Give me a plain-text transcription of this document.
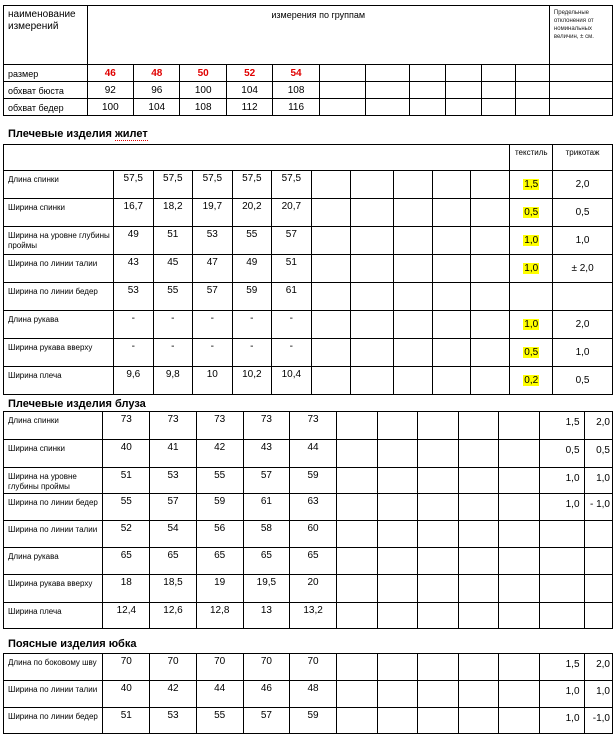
наименование измерений	измерения по группам											Предельные отклонения от номинальных величин, ± см.
размер	46	48	50	52	54							
обхват бюста	92	96	100	104	108							
обхват бедер	100	104	108	112	116							
Плечевые изделия жилет
											текстиль	трикотаж
Длина спинки	57,5	57,5	57,5	57,5	57,5						1,5	2,0
Ширина спинки	16,7	18,2	19,7	20,2	20,7						0,5	0,5
Ширина на уровне глубины проймы	49	51	53	55	57						1,0	1,0
Ширина по линии талии	43	45	47	49	51						1,0	± 2,0
Ширина по линии бедер	53	55	57	59	61							
Длина рукава	-	-	-	-	-						1,0	2,0
Ширина рукава вверху	-	-	-	-	-						0,5	1,0
Ширина плеча	9,6	9,8	10	10,2	10,4						0,2	0,5
Плечевые изделия блуза
Длина спинки	73	73	73	73	73						1,5	2,0
Ширина спинки	40	41	42	43	44						0,5	0,5
Ширина на уровне глубины проймы	51	53	55	57	59						1,0	1,0
Ширина по линии бедер	55	57	59	61	63						1,0	- 1,0
Ширина по линии талии	52	54	56	58	60							
Длина рукава	65	65	65	65	65							
Ширина рукава вверху	18	18,5	19	19,5	20							
Ширина плеча	12,4	12,6	12,8	13	13,2							
Поясные изделия юбка
Длина по боковому шву	70	70	70	70	70						1,5	2,0
Ширина по линии талии	40	42	44	46	48						1,0	1,0
Ширина по линии бедер	51	53	55	57	59						1,0	-1,0
